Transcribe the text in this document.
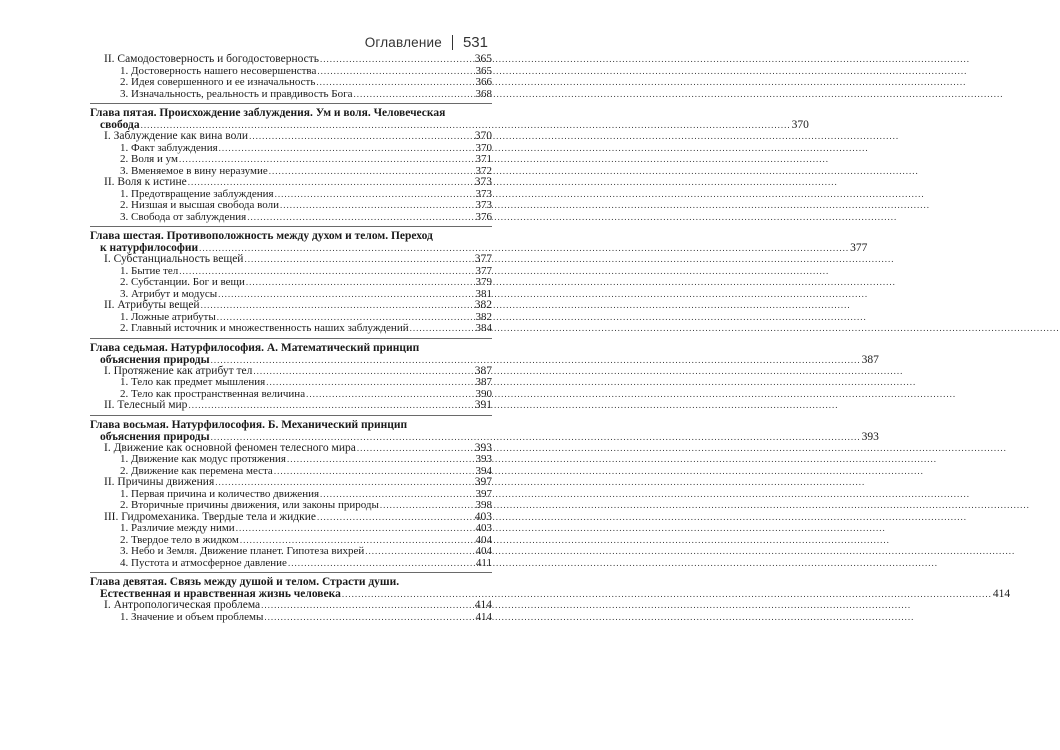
Оглавление 531
II. Самодостоверность и богодостоверность .....	365
1. Достоверность нашего несовершенства .....	365
2. Идея совершенного и ее изначальность .....	366
3. Изначальность, реальность и правдивость Бога .....	368
Глава пятая. Происхождение заблуждения. Ум и воля. Человеческая
свобода .....	370
I. Заблуждение как вина воли .....	370
1. Факт заблуждения .....	370
2. Воля и ум .....	371
3. Вменяемое в вину неразумие .....	372
II. Воля к истине .....	373
1. Предотвращение заблуждения .....	373
2. Низшая и высшая свобода воли .....	373
3. Свобода от заблуждения .....	376
Глава шестая. Противоположность между духом и телом. Переход
к натурфилософии .....	377
I. Субстанциальность вещей .....	377
1. Бытие тел .....	377
2. Субстанции. Бог и вещи .....	379
3. Атрибут и модусы .....	381
II. Атрибуты вещей .....	382
1. Ложные атрибуты .....	382
2. Главный источник и множественность наших заблуждений .....	384
Глава седьмая. Натурфилософия. А. Математический принцип
объяснения природы .....	387
I. Протяжение как атрибут тел .....	387
1. Тело как предмет мышления .....	387
2. Тело как пространственная величина .....	390
II. Телесный мир .....	391
Глава восьмая. Натурфилософия. Б. Механический принцип
объяснения природы .....	393
I. Движение как основной феномен телесного мира .....	393
1. Движение как модус протяжения .....	393
2. Движение как перемена места .....	394
II. Причины движения .....	397
1. Первая причина и количество движения .....	397
2. Вторичные причины движения, или законы природы .....	398
III. Гидромеханика. Твердые тела и жидкие .....	403
1. Различие между ними .....	403
2. Твердое тело в жидком .....	404
3. Небо и Земля. Движение планет. Гипотеза вихрей .....	404
4. Пустота и атмосферное давление .....	411
Глава девятая. Связь между душой и телом. Страсти души.
Естественная и нравственная жизнь человека .....	414
I. Антропологическая проблема .....	414
1. Значение и объем проблемы .....	414
